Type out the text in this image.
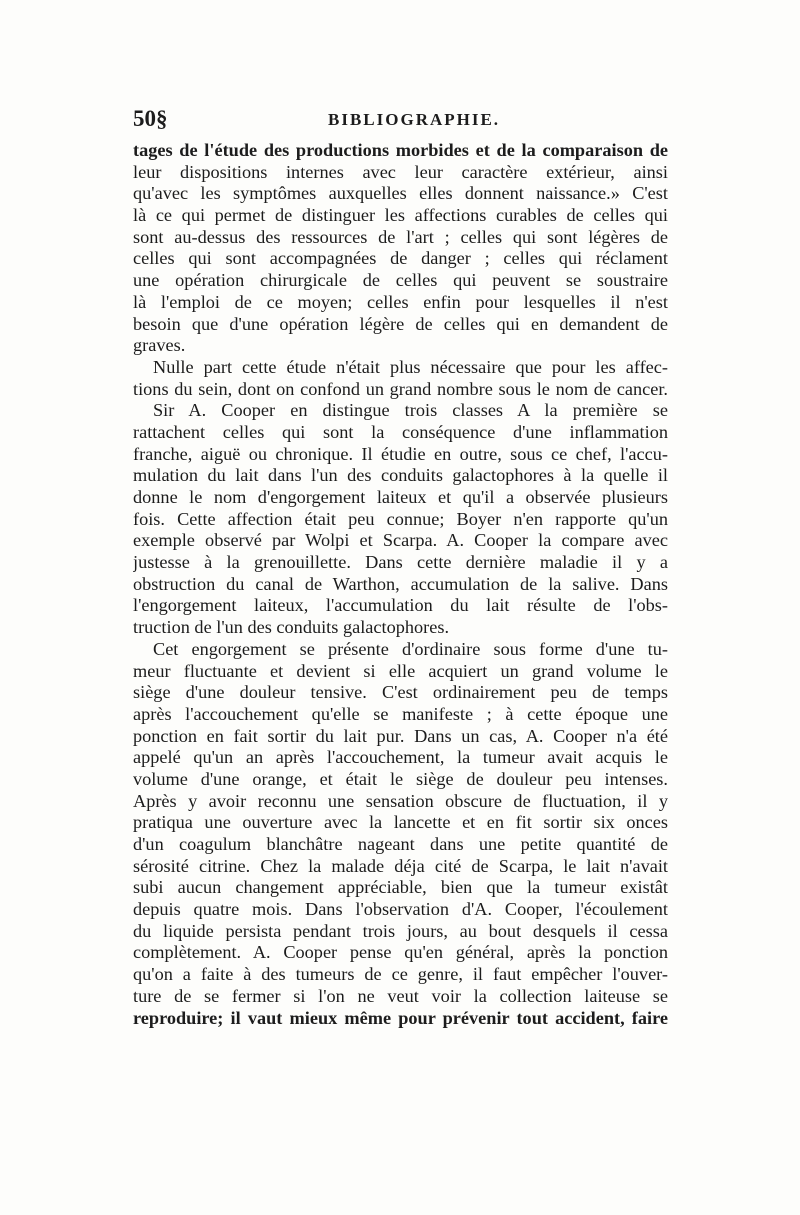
50§	BIBLIOGRAPHIE.
tages de l'étude des productions morbides et de la comparaison de
leur dispositions internes avec leur caractère extérieur, ainsi
qu'avec les symptômes auxquelles elles donnent naissance.» C'est
là ce qui permet de distinguer les affections curables de celles qui
sont au-dessus des ressources de l'art ; celles qui sont légères de
celles qui sont accompagnées de danger ; celles qui réclament
une opération chirurgicale de celles qui peuvent se soustraire
là l'emploi de ce moyen; celles enfin pour lesquelles il n'est
besoin que d'une opération légère de celles qui en demandent de
graves.
Nulle part cette étude n'était plus nécessaire que pour les affec-
tions du sein, dont on confond un grand nombre sous le nom de cancer.
Sir A. Cooper en distingue trois classes A la première se
rattachent celles qui sont la conséquence d'une inflammation
franche, aiguë ou chronique. Il étudie en outre, sous ce chef, l'accu-
mulation du lait dans l'un des conduits galactophores à la quelle il
donne le nom d'engorgement laiteux et qu'il a observée plusieurs
fois. Cette affection était peu connue; Boyer n'en rapporte qu'un
exemple observé par Wolpi et Scarpa. A. Cooper la compare avec
justesse à la grenouillette. Dans cette dernière maladie il y a
obstruction du canal de Warthon, accumulation de la salive. Dans
l'engorgement laiteux, l'accumulation du lait résulte de l'obs-
truction de l'un des conduits galactophores.
Cet engorgement se présente d'ordinaire sous forme d'une tu-
meur fluctuante et devient si elle acquiert un grand volume le
siège d'une douleur tensive. C'est ordinairement peu de temps
après l'accouchement qu'elle se manifeste ; à cette époque une
ponction en fait sortir du lait pur. Dans un cas, A. Cooper n'a été
appelé qu'un an après l'accouchement, la tumeur avait acquis le
volume d'une orange, et était le siège de douleur peu intenses.
Après y avoir reconnu une sensation obscure de fluctuation, il y
pratiqua une ouverture avec la lancette et en fit sortir six onces
d'un coagulum blanchâtre nageant dans une petite quantité de
sérosité citrine. Chez la malade déja cité de Scarpa, le lait n'avait
subi aucun changement appréciable, bien que la tumeur existât
depuis quatre mois. Dans l'observation d'A. Cooper, l'écoulement
du liquide persista pendant trois jours, au bout desquels il cessa
complètement. A. Cooper pense qu'en général, après la ponction
qu'on a faite à des tumeurs de ce genre, il faut empêcher l'ouver-
ture de se fermer si l'on ne veut voir la collection laiteuse se
reproduire; il vaut mieux même pour prévenir tout accident, faire
